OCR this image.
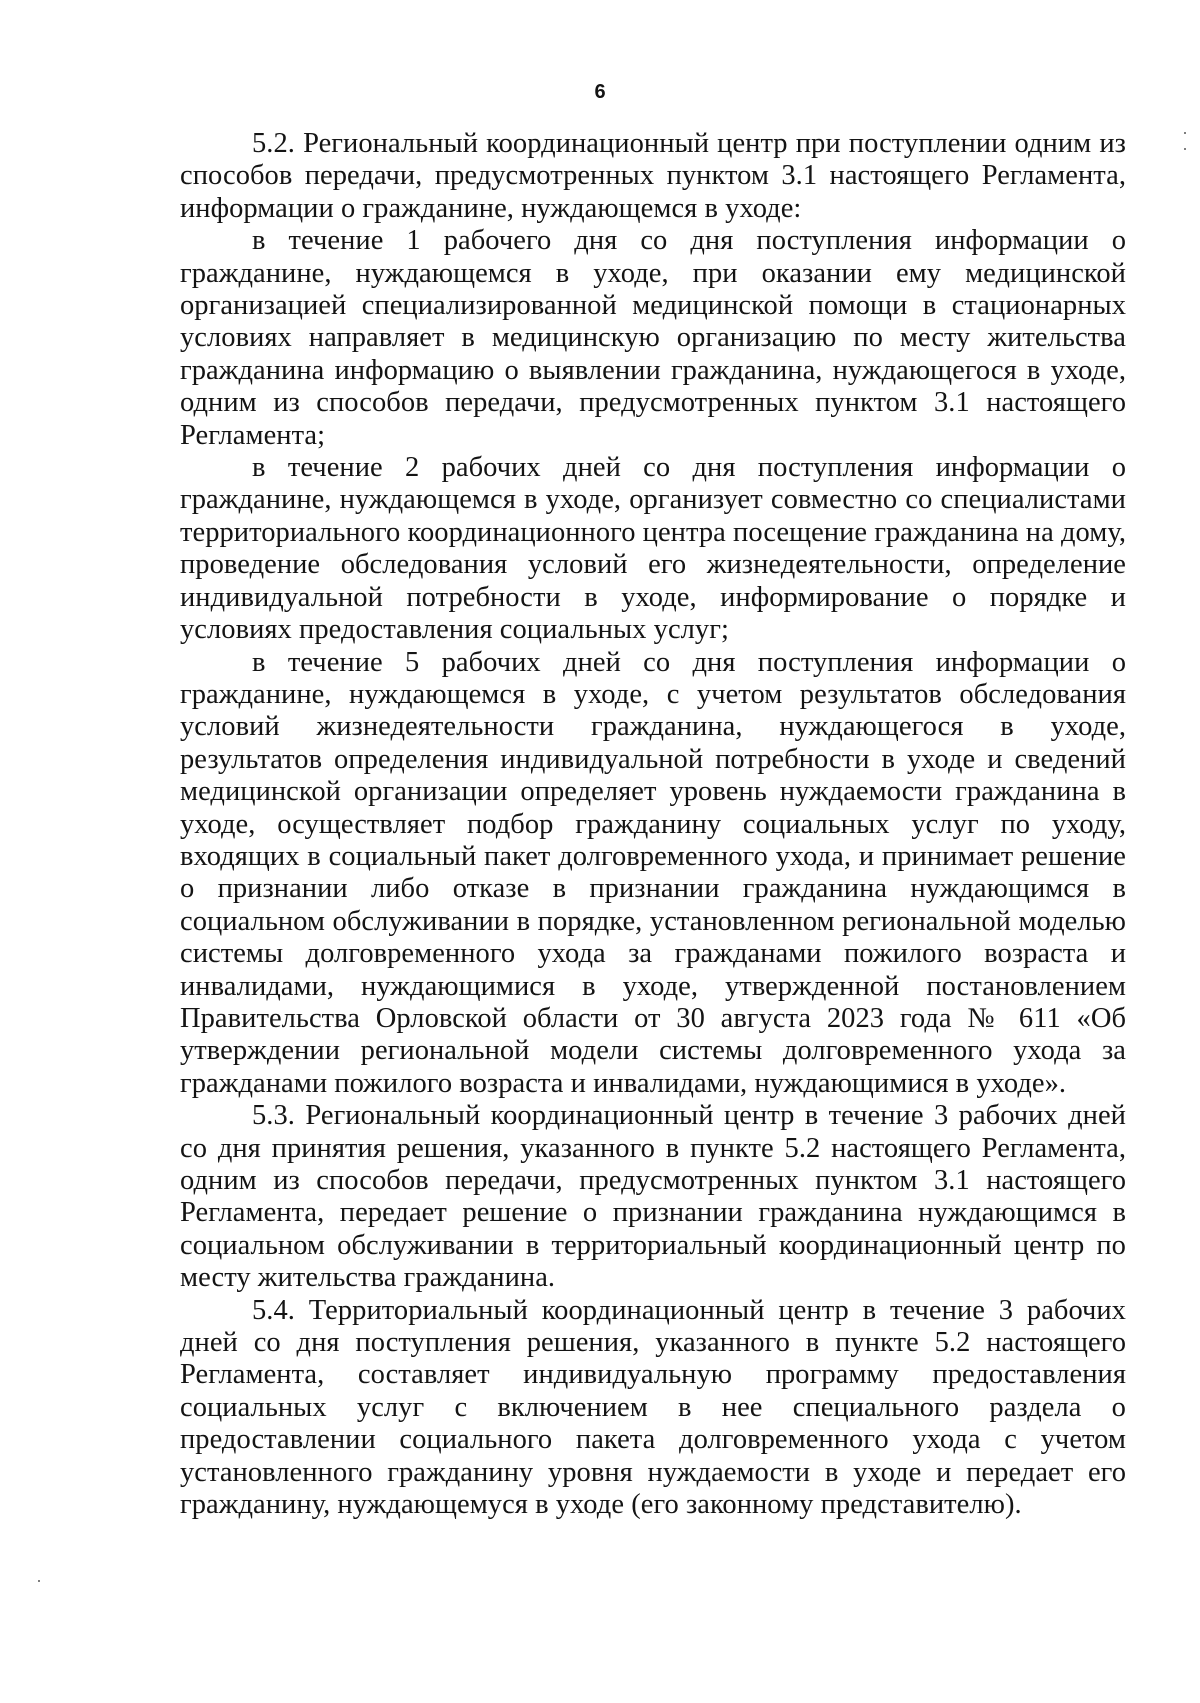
6

5.2. Региональный координационный центр при поступлении одним из способов передачи, предусмотренных пунктом 3.1 настоящего Регламента, информации о гражданине, нуждающемся в уходе:

в течение 1 рабочего дня со дня поступления информации о гражданине, нуждающемся в уходе, при оказании ему медицинской организацией специализированной медицинской помощи в стационарных условиях направляет в медицинскую организацию по месту жительства гражданина информацию о выявлении гражданина, нуждающегося в уходе, одним из способов передачи, предусмотренных пунктом 3.1 настоящего Регламента;

в течение 2 рабочих дней со дня поступления информации о гражданине, нуждающемся в уходе, организует совместно со специалистами территориального координационного центра посещение гражданина на дому, проведение обследования условий его жизнедеятельности, определение индивидуальной потребности в уходе, информирование о порядке и условиях предоставления социальных услуг;

в течение 5 рабочих дней со дня поступления информации о гражданине, нуждающемся в уходе, с учетом результатов обследования условий жизнедеятельности гражданина, нуждающегося в уходе, результатов определения индивидуальной потребности в уходе и сведений медицинской организации определяет уровень нуждаемости гражданина в уходе, осуществляет подбор гражданину социальных услуг по уходу, входящих в социальный пакет долговременного ухода, и принимает решение о признании либо отказе в признании гражданина нуждающимся в социальном обслуживании в порядке, установленном региональной моделью системы долговременного ухода за гражданами пожилого возраста и инвалидами, нуждающимися в уходе, утвержденной постановлением Правительства Орловской области от 30 августа 2023 года № 611 «Об утверждении региональной модели системы долговременного ухода за гражданами пожилого возраста и инвалидами, нуждающимися в уходе».

5.3. Региональный координационный центр в течение 3 рабочих дней со дня принятия решения, указанного в пункте 5.2 настоящего Регламента, одним из способов передачи, предусмотренных пунктом 3.1 настоящего Регламента, передает решение о признании гражданина нуждающимся в социальном обслуживании в территориальный координационный центр по месту жительства гражданина.

5.4. Территориальный координационный центр в течение 3 рабочих дней со дня поступления решения, указанного в пункте 5.2 настоящего Регламента, составляет индивидуальную программу предоставления социальных услуг с включением в нее специального раздела о предоставлении социального пакета долговременного ухода с учетом установленного гражданину уровня нуждаемости в уходе и передает его гражданину, нуждающемуся в уходе (его законному представителю).
